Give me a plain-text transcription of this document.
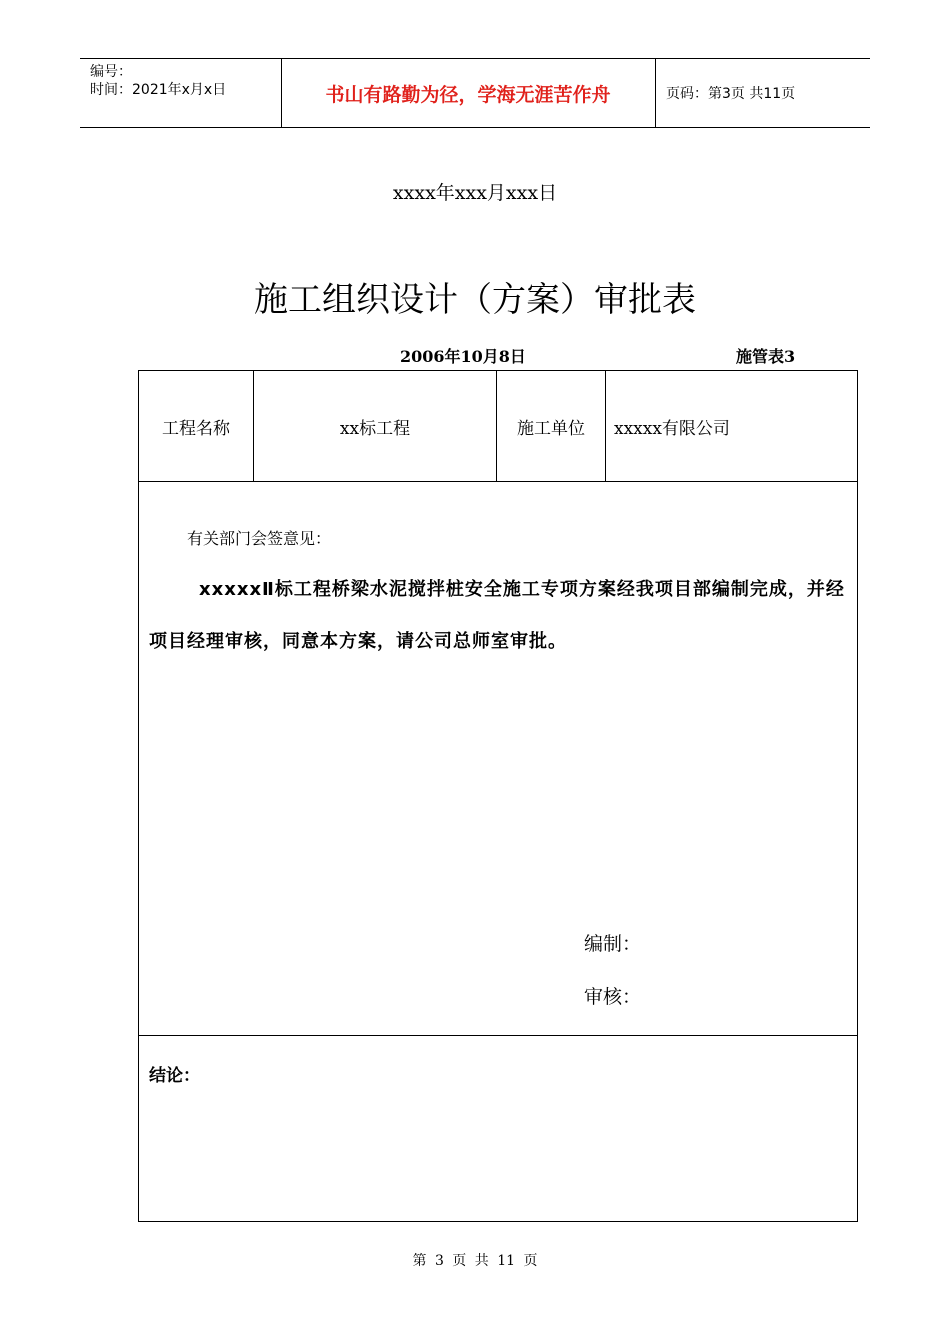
编号：
时间：2021年x月x日	书山有路勤为径，学海无涯苦作舟	页码：第3页 共11页
xxxx年xxx月xxx日
施工组织设计（方案）审批表
2006年10月8日	施管表3
工程名称	xx标工程	施工单位	xxxxx有限公司
有关部门会签意见：
xxxxxⅡ标工程桥梁水泥搅拌桩安全施工专项方案经我项目部编制完成，并经项目经理审核，同意本方案，请公司总师室审批。
编制：
审核：
结论：
第 3 页 共 11 页
